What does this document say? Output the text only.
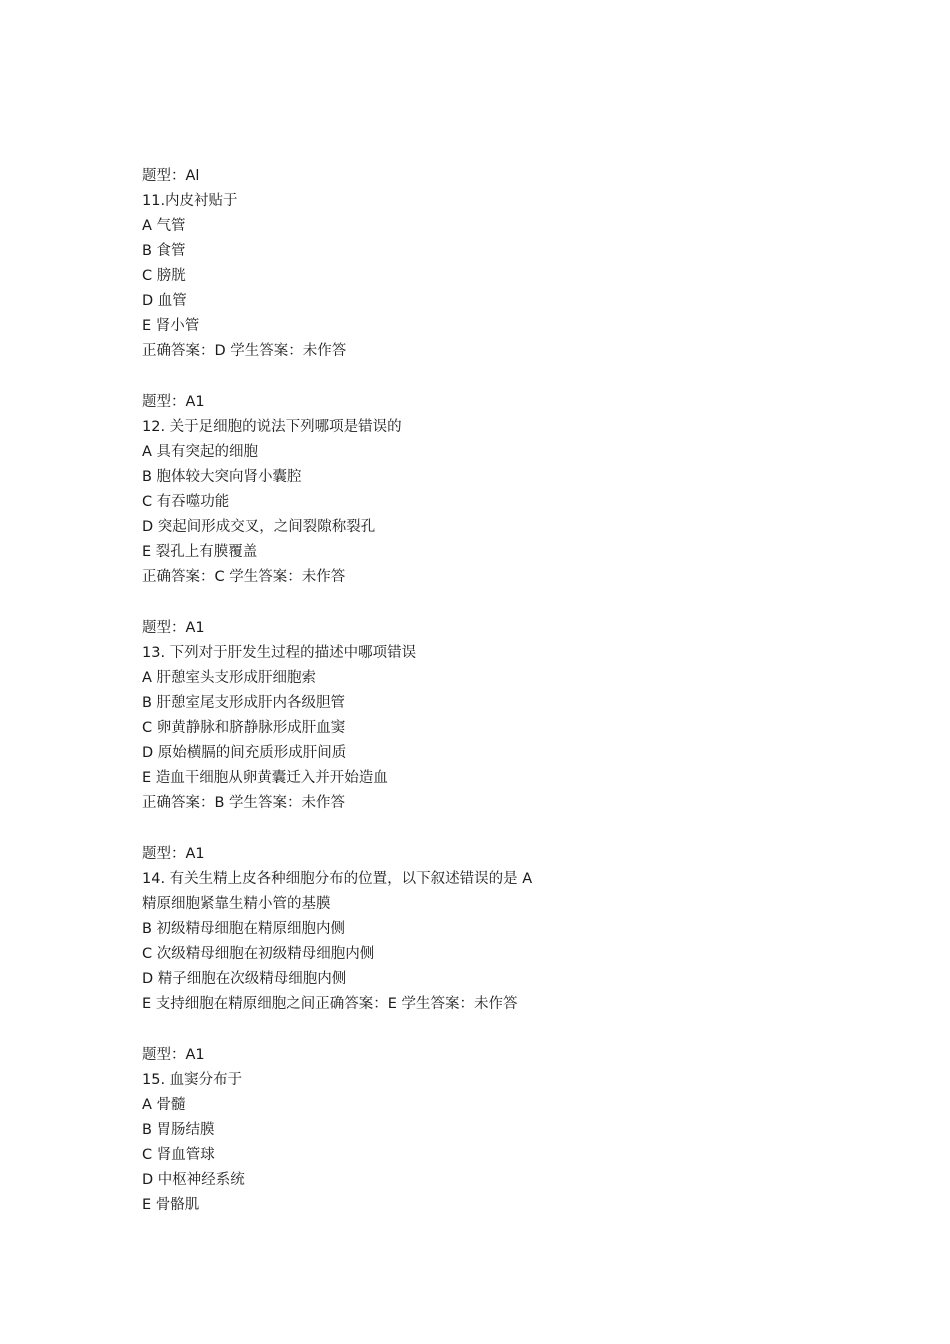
题型：Al
11.内皮衬贴于
A 气管
B 食管
C 膀胱
D 血管
E 肾小管
正确答案：D 学生答案：未作答
题型：A1
12. 关于足细胞的说法下列哪项是错误的
A 具有突起的细胞
B 胞体较大突向肾小囊腔
C 有吞噬功能
D 突起间形成交叉，之间裂隙称裂孔
E 裂孔上有膜覆盖
正确答案：C 学生答案：未作答
题型：A1
13. 下列对于肝发生过程的描述中哪项错误
A 肝憩室头支形成肝细胞索
B 肝憩室尾支形成肝内各级胆管
C 卵黄静脉和脐静脉形成肝血窦
D 原始横膈的间充质形成肝间质
E 造血干细胞从卵黄囊迁入并开始造血
正确答案：B 学生答案：未作答
题型：A1
14. 有关生精上皮各种细胞分布的位置，以下叙述错误的是 A
精原细胞紧靠生精小管的基膜
B 初级精母细胞在精原细胞内侧
C 次级精母细胞在初级精母细胞内侧
D 精子细胞在次级精母细胞内侧
E 支持细胞在精原细胞之间正确答案：E 学生答案：未作答
题型：A1
15. 血窦分布于
A 骨髓
B 胃肠结膜
C 肾血管球
D 中枢神经系统
E 骨骼肌
